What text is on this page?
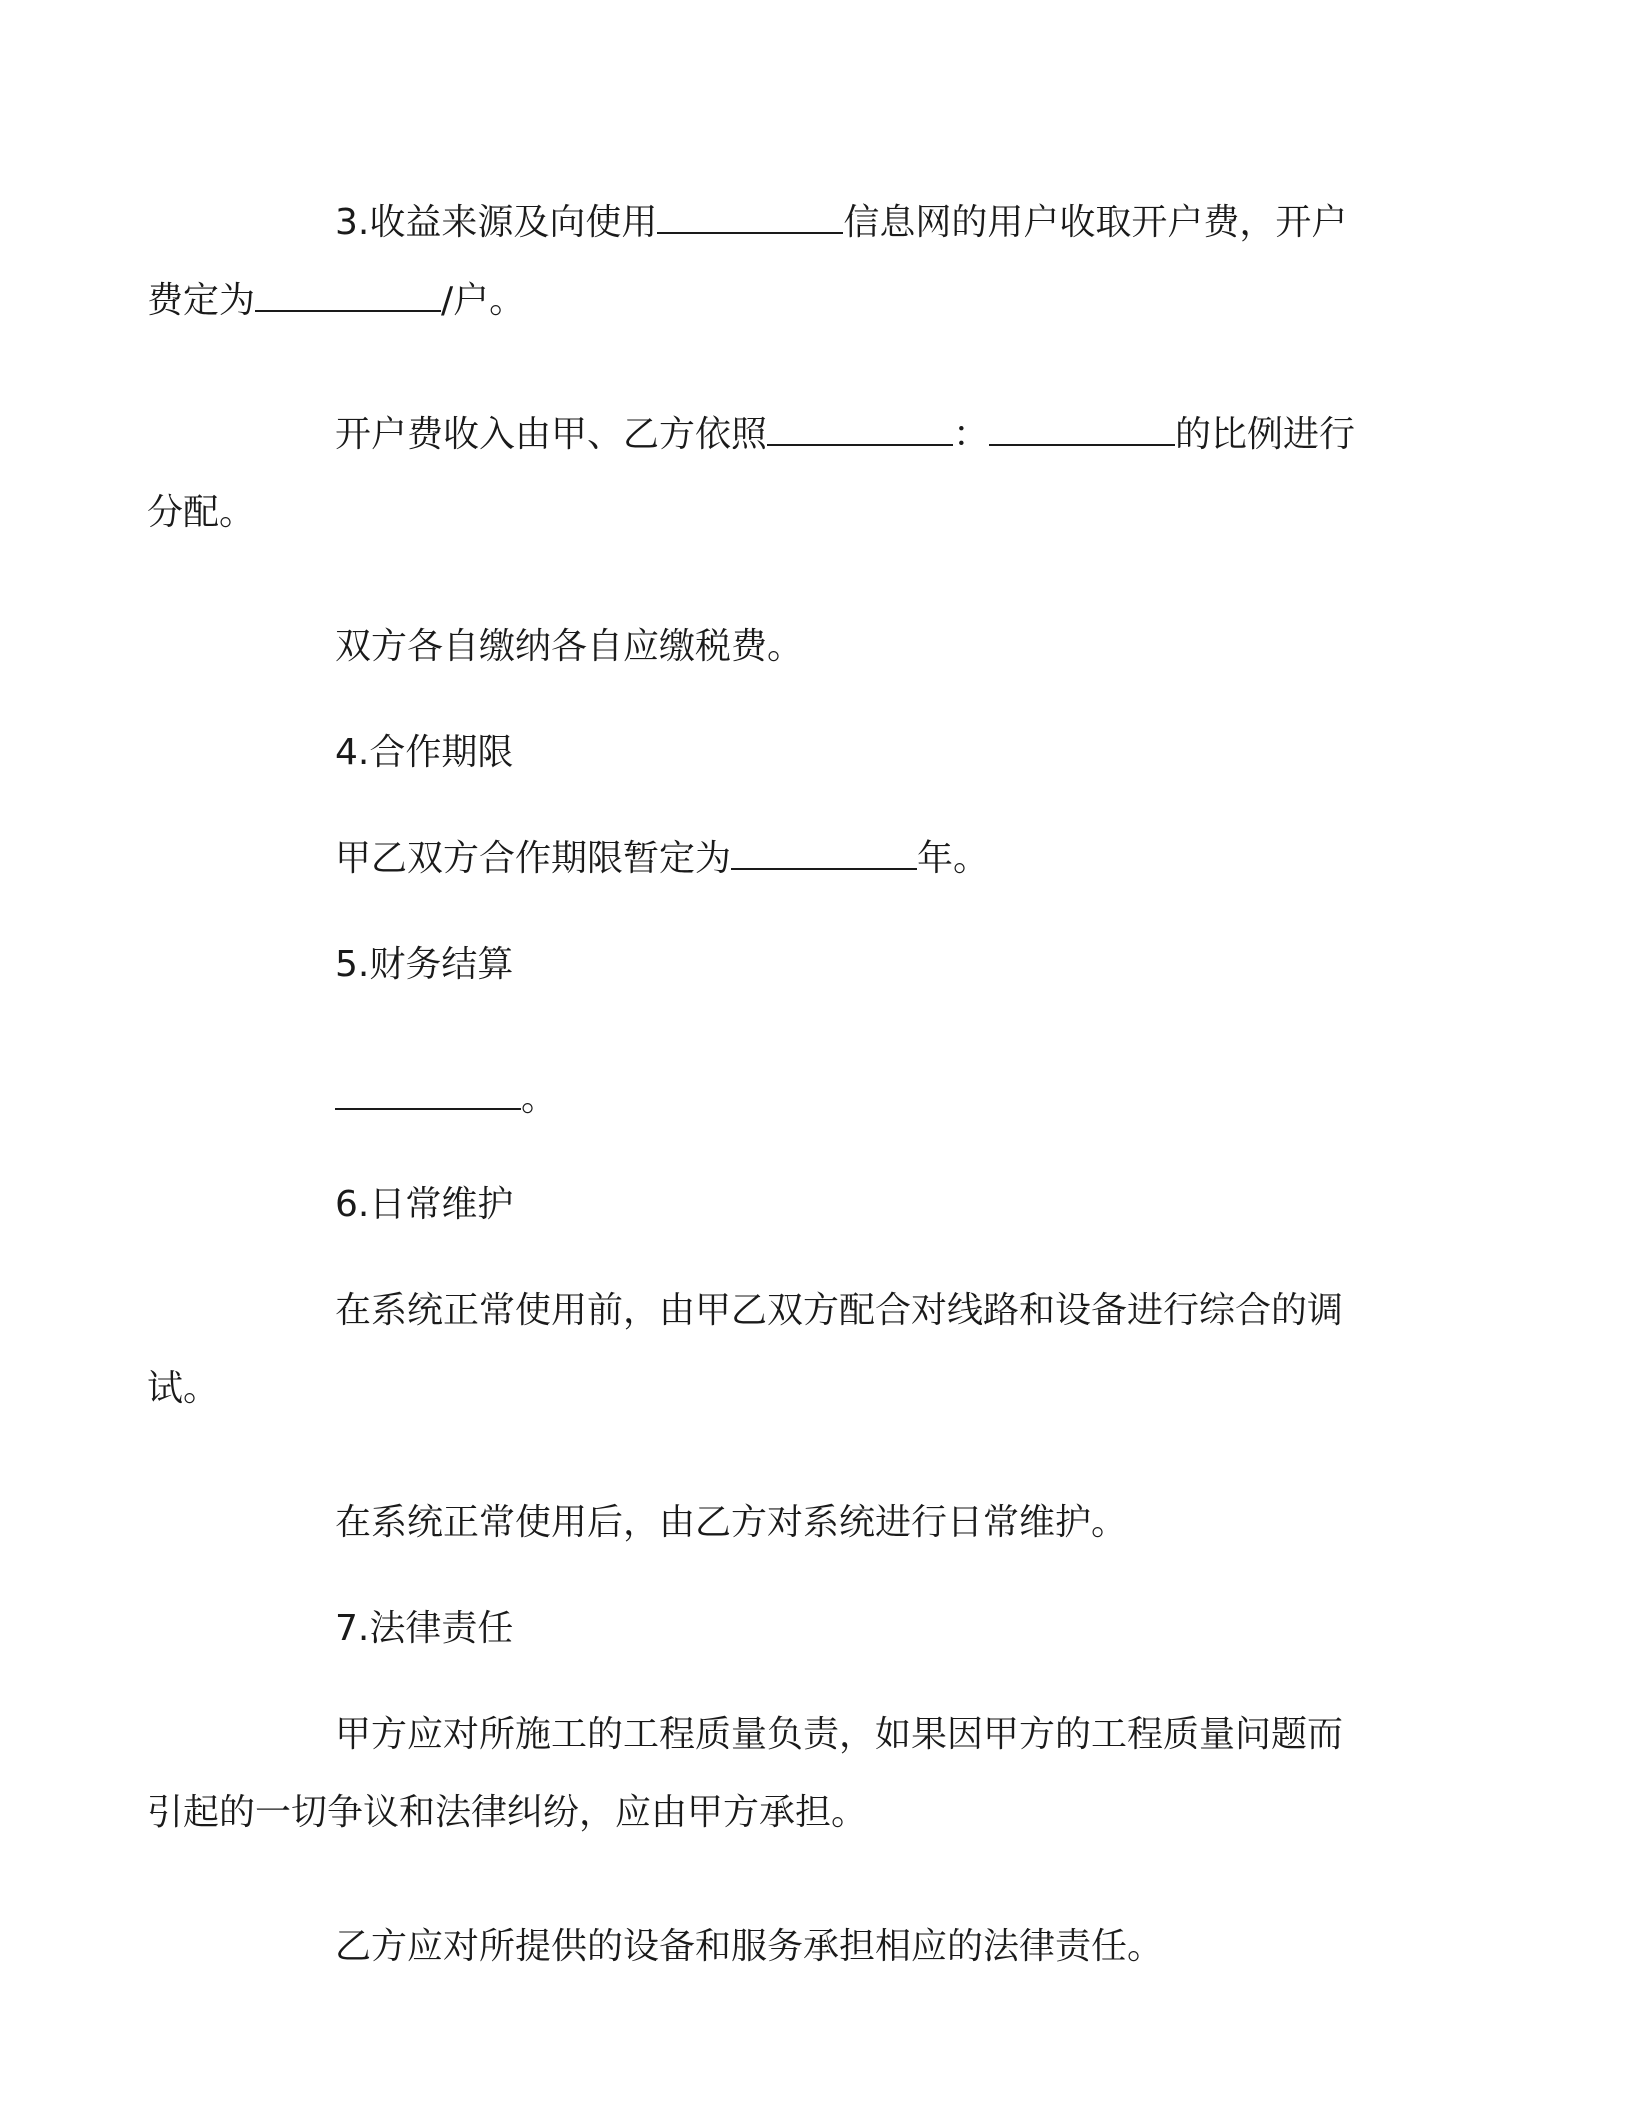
3.收益来源及向使用	信息网的用户收取开户费，开户
费定为	/户。

开户费收入由甲、乙方依照	：	的比例进行
分配。

双方各自缴纳各自应缴税费。

4.合作期限

甲乙双方合作期限暂定为	年。

5.财务结算

。

6.日常维护

在系统正常使用前，由甲乙双方配合对线路和设备进行综合的调
试。

在系统正常使用后，由乙方对系统进行日常维护。

7.法律责任

甲方应对所施工的工程质量负责，如果因甲方的工程质量问题而
引起的一切争议和法律纠纷，应由甲方承担。

乙方应对所提供的设备和服务承担相应的法律责任。
